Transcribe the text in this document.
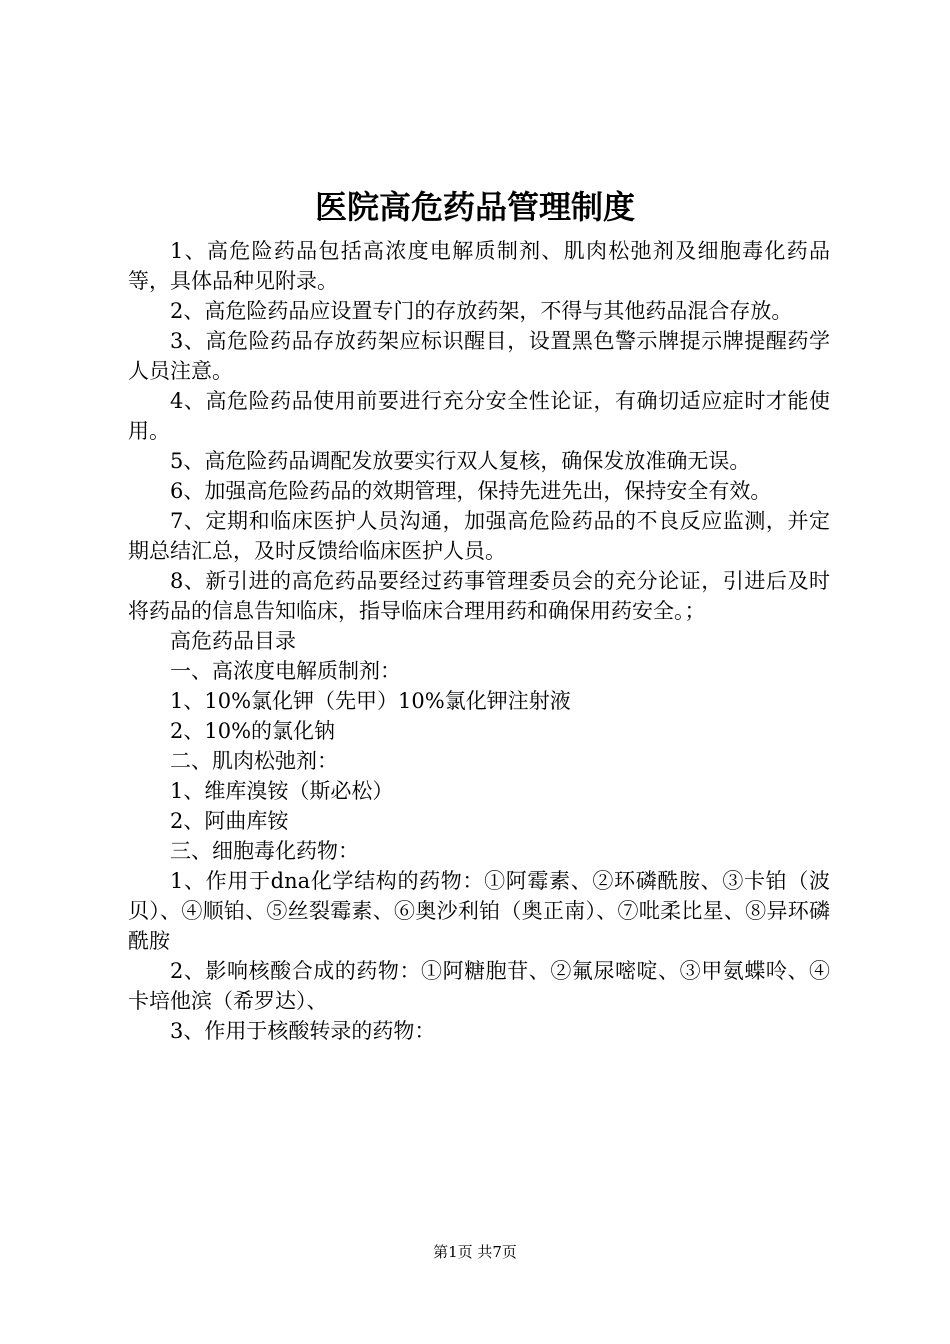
医院高危药品管理制度

1、高危险药品包括高浓度电解质制剂、肌肉松弛剂及细胞毒化药品等，具体品种见附录。

2、高危险药品应设置专门的存放药架，不得与其他药品混合存放。

3、高危险药品存放药架应标识醒目，设置黑色警示牌提示牌提醒药学人员注意。

4、高危险药品使用前要进行充分安全性论证，有确切适应症时才能使用。

5、高危险药品调配发放要实行双人复核，确保发放准确无误。

6、加强高危险药品的效期管理，保持先进先出，保持安全有效。

7、定期和临床医护人员沟通，加强高危险药品的不良反应监测，并定期总结汇总，及时反馈给临床医护人员。

8、新引进的高危药品要经过药事管理委员会的充分论证，引进后及时将药品的信息告知临床，指导临床合理用药和确保用药安全。；

高危药品目录

一、高浓度电解质制剂：

1、10%氯化钾（先甲）10%氯化钾注射液

2、10%的氯化钠

二、肌肉松弛剂：

1、维库溴铵（斯必松）

2、阿曲库铵

三、细胞毒化药物：

1、作用于dna化学结构的药物：①阿霉素、②环磷酰胺、③卡铂（波贝）、④顺铂、⑤丝裂霉素、⑥奥沙利铂（奥正南）、⑦吡柔比星、⑧异环磷酰胺

2、影响核酸合成的药物：①阿糖胞苷、②氟尿嘧啶、③甲氨蝶呤、④卡培他滨（希罗达）、

3、作用于核酸转录的药物：

第1页 共7页
